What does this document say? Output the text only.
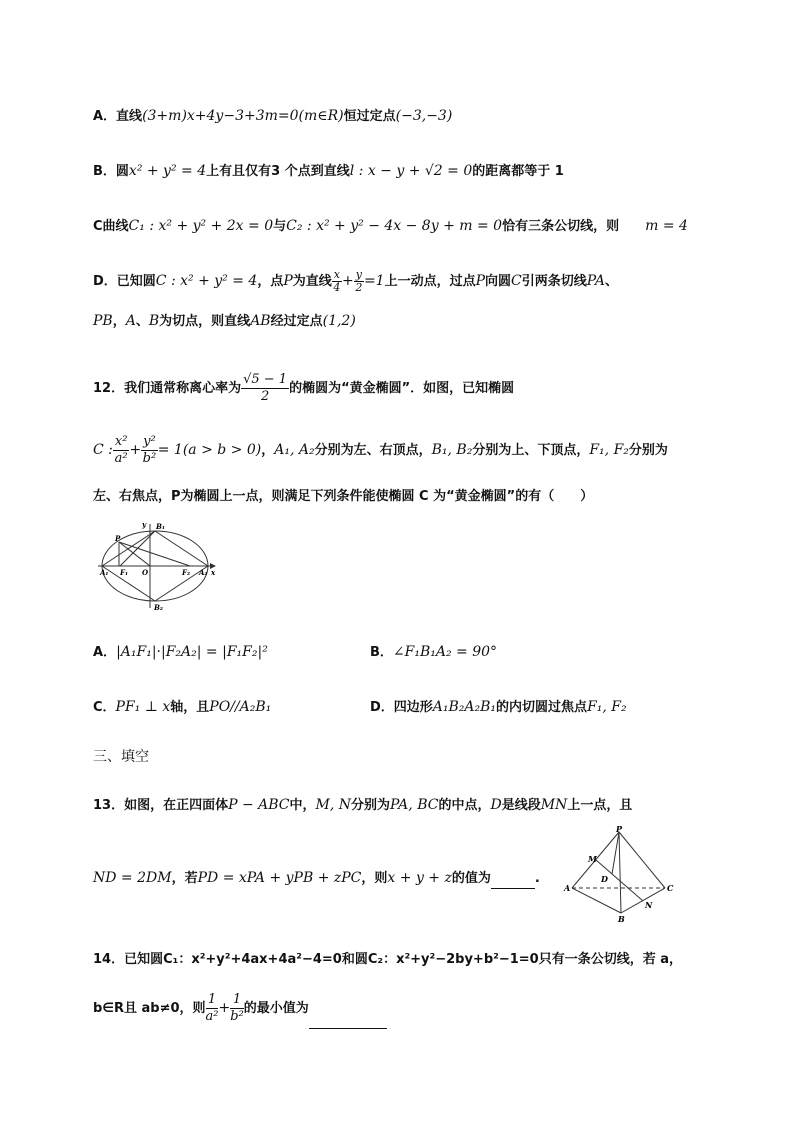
A．直线(3+m)x+4y−3+3m=0(m∈R)恒过定点(−3,−3)
B．圆x² + y² = 4上有且仅有3 个点到直线l : x − y + √2 = 0的距离都等于 1
C曲线C₁ : x² + y² + 2x = 0与C₂ : x² + y² − 4x − 8y + m = 0恰有三条公切线，则 m = 4
D．已知圆C : x² + y² = 4，点P为直线 $\frac{x}{4} + \frac{y}{2} =1$上一动点，过点P向圆C引两条切线PA、
PB，A、B为切点，则直线AB经过定点(1,2)
12．我们通常称离心率为 $\frac{√5 - 1}{2}$ 的椭圆为“黄金椭圆”．如图，已知椭圆
C : $\frac{\text{x²}}{\text{a²}} + \frac{\text{y²}}{\text{b²}} = 1(a > b > 0)$，A₁, A₂分别为左、右顶点，B₁, B₂分别为上、下顶点，F₁, F₂分别为
左、右焦点，P为椭圆上一点，则满足下列条件能使椭圆 C 为“黄金椭圆”的有（　　）
y B₁
P
A₁ F₁ O	F₂ A₂ x
B₂
A．|A₁F₁|·|F₂A₂| = |F₁F₂|²	B．∠F₁B₁A₂ = 90°
C．PF₁ ⊥ x轴，且PO//A₂B₁	D．四边形A₁B₂A₂B₁的内切圆过焦点F₁, F₂
三、填空
13．如图，在正四面体P − ABC中，M, N分别为PA, BC的中点，D是线段MN上一点，且
ND = 2DM，若PD = xPA + yPB + zPC，则x + y + z的值为	.
P
M
D
A	C
N
B
14．已知圆C₁：x²+y²+4ax+4a²−4=0和圆C₂：x²+y²−2by+b²−1=0只有一条公切线，若 a，
b∈R且 ab≠0，则 $\frac{1}{\text{a²}} + \frac{1}{\text{b²}}$ 的最小值为
